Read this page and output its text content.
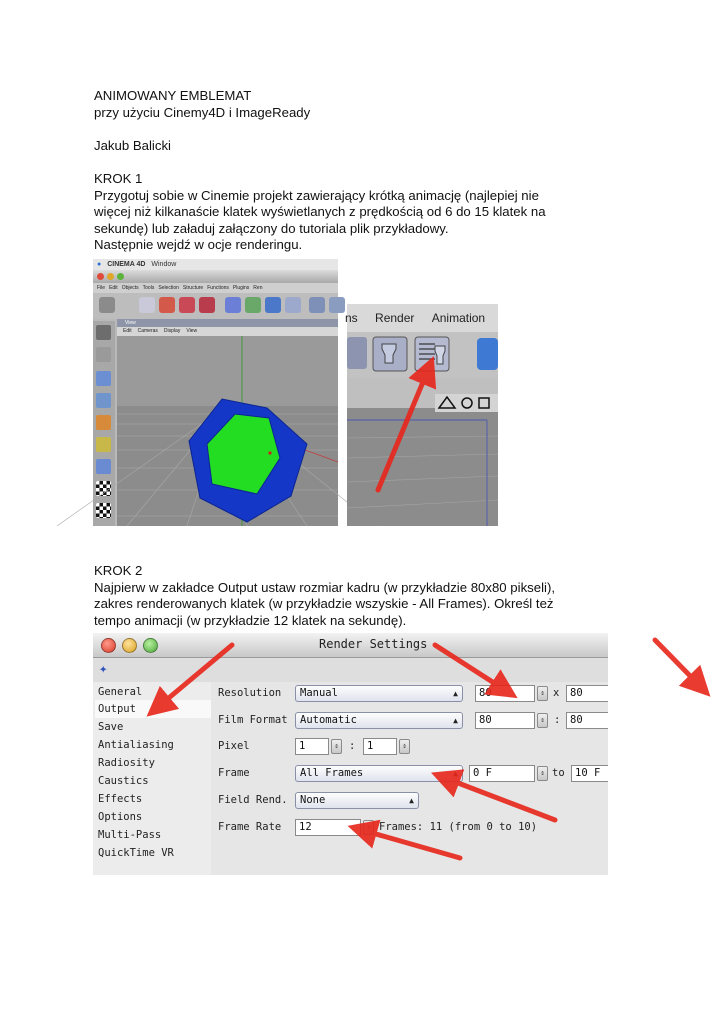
ANIMOWANY EMBLEMAT

przy użyciu Cinemy4D i ImageReady

Jakub Balicki

KROK 1

Przygotuj sobie w Cinemie projekt zawierający krótką animację (najlepiej nie
więcej niż kilkanaście klatek wyświetlanych z prędkością od 6 do 15 klatek na
sekundę) lub załaduj załączony do tutoriala plik przykładowy.
Następnie wejdź w ocje renderingu.

● CINEMA 4D Window
File Edit Objects Tools Selection Structure Functions Plugins Ren
View
Edit Cameras Display View
ns Render Animation

KROK 2

Najpierw w zakładce Output ustaw rozmiar kadru (w przykładzie 80x80 pikseli),
zakres renderowanych klatek (w przykładzie wszyskie - All Frames). Określ też
tempo animacji (w przykładzie 12 klatek na sekundę).

Render Settings
✦
General
Output
Save
Antialiasing
Radiosity
Caustics
Effects
Options
Multi-Pass
QuickTime VR
Resolution	Manual	▲	80	⇕ x	80
Film Format	Automatic	▲	80	⇕ : 80
Pixel	1	⇕ :	1	⇕
Frame	All Frames	▲	0 F	⇕ to 10 F
Field Rend.	None	▲
Frame Rate	12	⇕ Frames: 11 (from 0 to 10)
